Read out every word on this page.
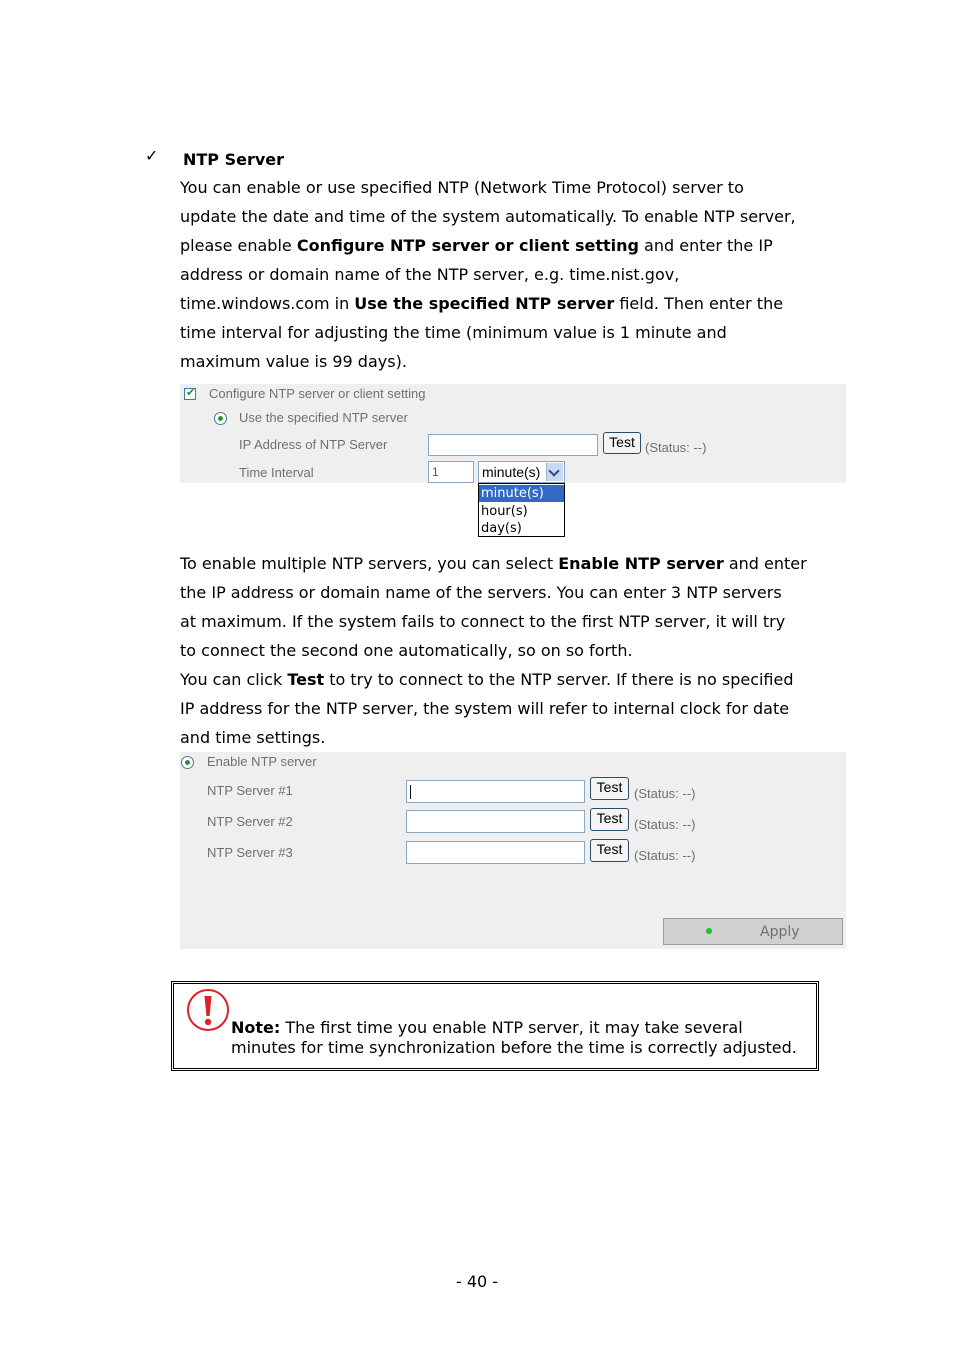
✓ NTP Server
You can enable or use specified NTP (Network Time Protocol) server to
update the date and time of the system automatically. To enable NTP server,
please enable Configure NTP server or client setting and enter the IP
address or domain name of the NTP server, e.g. time.nist.gov,
time.windows.com in Use the specified NTP server field. Then enter the
time interval for adjusting the time (minimum value is 1 minute and
maximum value is 99 days).
✔
Configure NTP server or client setting
Use the specified NTP server
IP Address of NTP Server	Test (Status: --)
Time Interval	1	minute(s)
minute(s)
hour(s)
day(s)
To enable multiple NTP servers, you can select Enable NTP server and enter
the IP address or domain name of the servers. You can enter 3 NTP servers
at maximum. If the system fails to connect to the first NTP server, it will try
to connect the second one automatically, so on so forth.
You can click Test to try to connect to the NTP server. If there is no specified
IP address for the NTP server, the system will refer to internal clock for date
and time settings.
Enable NTP server
NTP Server #1	Test (Status: --)
NTP Server #2	Test (Status: --)
NTP Server #3	Test (Status: --)
Apply
Note: The first time you enable NTP server, it may take several
minutes for time synchronization before the time is correctly adjusted.
- 40 -
